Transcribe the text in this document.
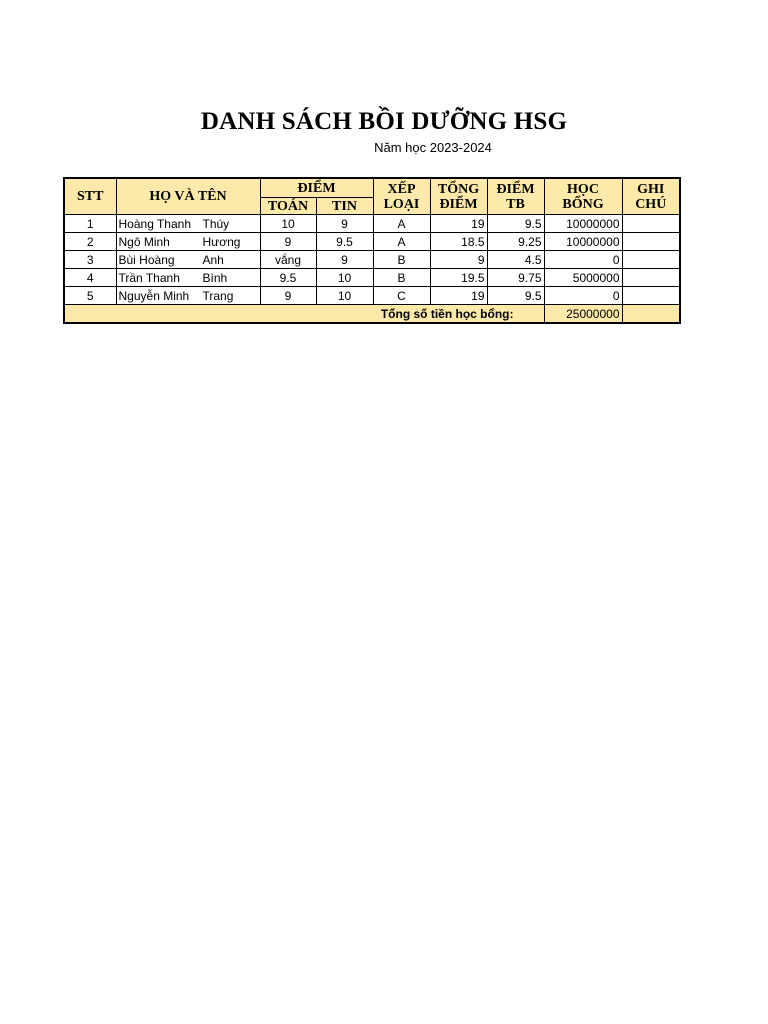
DANH SÁCH BỒI DƯỠNG HSG
Năm học 2023-2024
STT	HỌ VÀ TÊN	ĐIỂM		XẾP LOẠI	TỔNG ĐIỂM	ĐIỂM TB	HỌC BỔNG	GHI CHÚ
		TOÁN	TIN					
1	Hoàng Thanh Thúy	10	9	A	19	9.5	10000000	
2	Ngô Minh Hương	9	9.5	A	18.5	9.25	10000000	
3	Bùi Hoàng Anh	vắng	9	B	9	4.5	0	
4	Trần Thanh Bình	9.5	10	B	19.5	9.75	5000000	
5	Nguyễn Minh Trang	9	10	C	19	9.5	0	
Tổng số tiền học bổng:							25000000	
